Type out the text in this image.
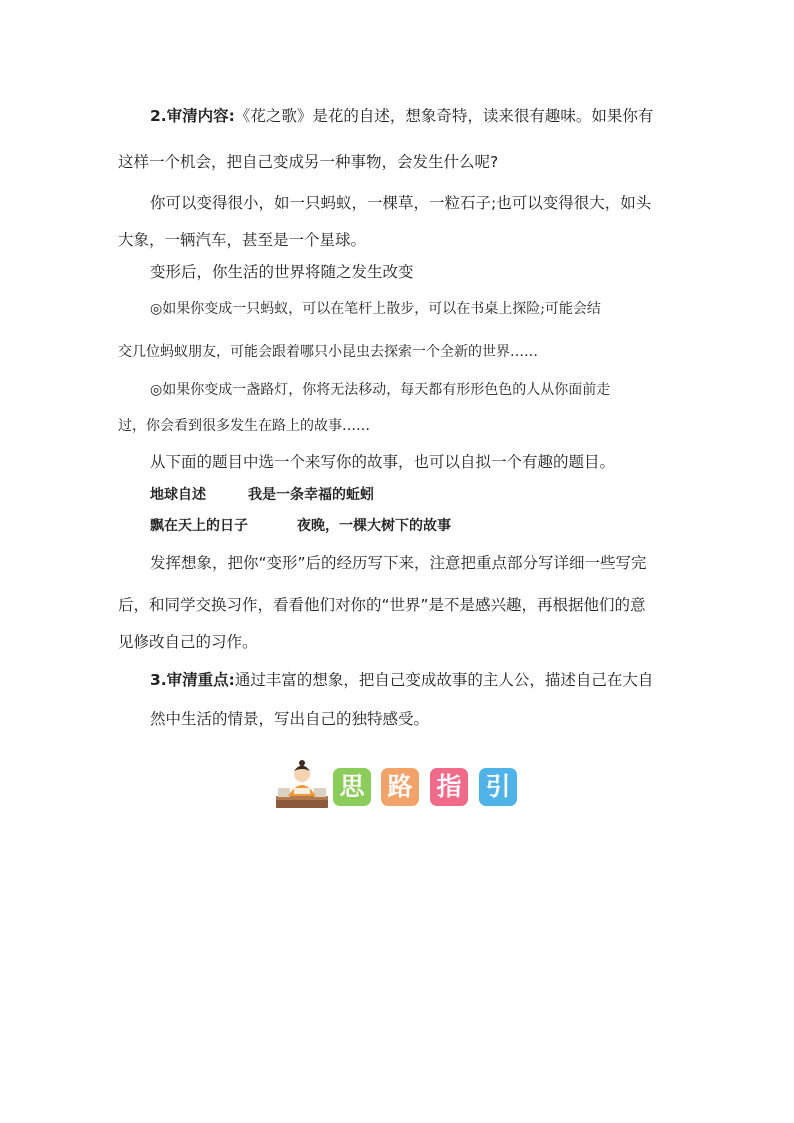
2.审清内容:《花之歌》是花的自述，想象奇特，读来很有趣味。如果你有
这样一个机会，把自己变成另一种事物，会发生什么呢?
你可以变得很小，如一只蚂蚁，一棵草，一粒石子;也可以变得很大，如头
大象，一辆汽车，甚至是一个星球。
变形后，你生活的世界将随之发生改变
◎如果你变成一只蚂蚁，可以在笔杆上散步，可以在书桌上探险;可能会结
交几位蚂蚁朋友，可能会跟着哪只小昆虫去探索一个全新的世界……
◎如果你变成一盏路灯，你将无法移动，每天都有形形色色的人从你面前走
过，你会看到很多发生在路上的故事……
从下面的题目中选一个来写你的故事，也可以自拟一个有趣的题目。
地球自述	我是一条幸福的蚯蚓
飘在天上的日子	夜晚，一棵大树下的故事
发挥想象，把你“变形”后的经历写下来，注意把重点部分写详细一些写完
后，和同学交换习作，看看他们对你的“世界”是不是感兴趣，再根据他们的意
见修改自己的习作。
3.审清重点:通过丰富的想象，把自己变成故事的主人公，描述自己在大自
然中生活的情景，写出自己的独特感受。
思 路 指 引
